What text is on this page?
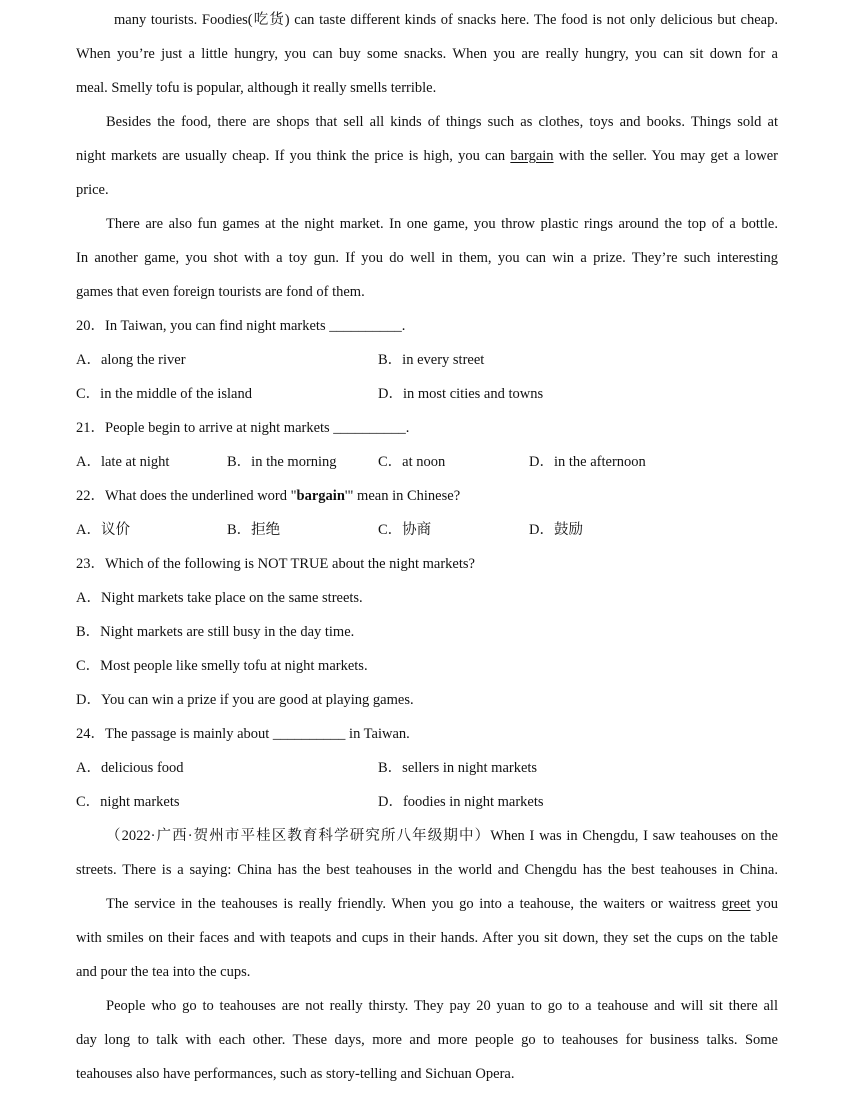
many tourists. Foodies(吃货) can taste different kinds of snacks here. The food is not only delicious but cheap.
When you’re just a little hungry, you can buy some snacks. When you are really hungry, you can sit down for a
meal. Smelly tofu is popular, although it really smells terrible.
Besides the food, there are shops that sell all kinds of things such as clothes, toys and books. Things sold at
night markets are usually cheap. If you think the price is high, you can bargain with the seller. You may get a lower
price.
There are also fun games at the night market. In one game, you throw plastic rings around the top of a bottle.
In another game, you shot with a toy gun. If you do well in them, you can win a prize. They’re such interesting
games that even foreign tourists are fond of them.
20．In Taiwan, you can find night markets __________.
A．along the river	B．in every street
C．in the middle of the island	D．in most cities and towns
21．People begin to arrive at night markets __________.
A．late at night	B．in the morning	C．at noon	D．in the afternoon
22．What does the underlined word "bargain'" mean in Chinese?
A．议价	B．拒绝	C．协商	D．鼓励
23．Which of the following is NOT TRUE about the night markets?
A．Night markets take place on the same streets.
B．Night markets are still busy in the day time.
C．Most people like smelly tofu at night markets.
D．You can win a prize if you are good at playing games.
24．The passage is mainly about __________ in Taiwan.
A．delicious food	B．sellers in night markets
C．night markets	D．foodies in night markets
（2022·广西·贺州市平桂区教育科学研究所八年级期中）When I was in Chengdu, I saw teahouses on the
streets. There is a saying: China has the best teahouses in the world and Chengdu has the best teahouses in China.
The service in the teahouses is really friendly. When you go into a teahouse, the waiters or waitress greet you
with smiles on their faces and with teapots and cups in their hands. After you sit down, they set the cups on the table
and pour the tea into the cups.
People who go to teahouses are not really thirsty. They pay 20 yuan to go to a teahouse and will sit there all
day long to talk with each other. These days, more and more people go to teahouses for business talks. Some
teahouses also have performances, such as story-telling and Sichuan Opera.
